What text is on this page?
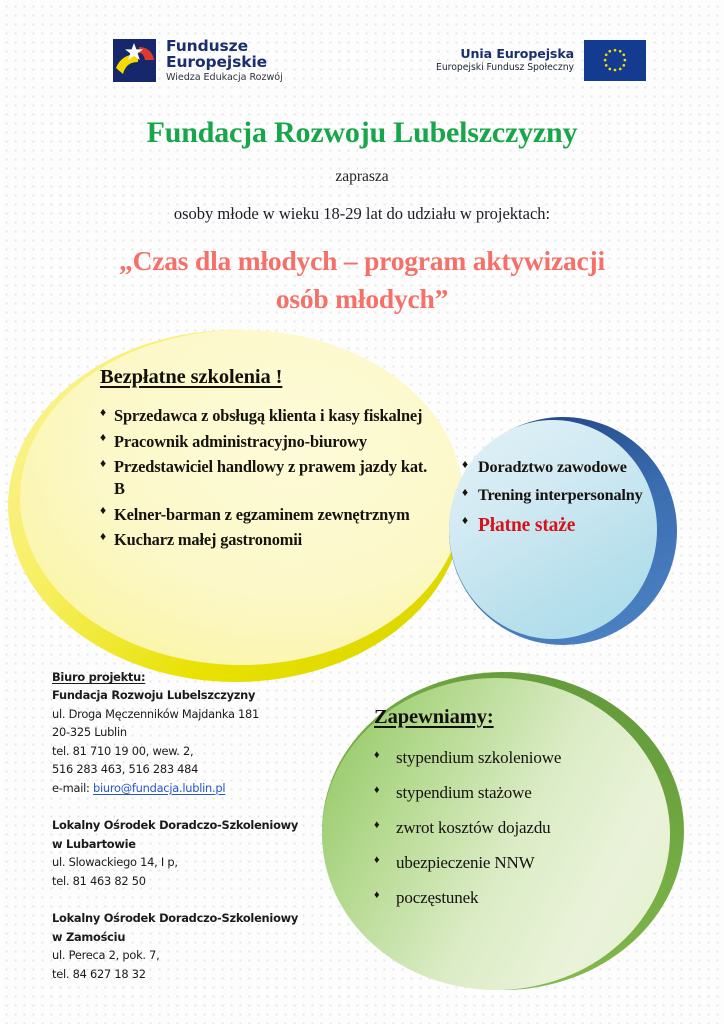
Fundusze
Europejskie
Wiedza Edukacja Rozwój
Unia Europejska
Europejski Fundusz Społeczny
Fundacja Rozwoju Lubelszczyzny
zaprasza
osoby młode w wieku 18-29 lat do udziału w projektach:
„Czas dla młodych – program aktywizacji
osób młodych”
Bezpłatne szkolenia !
♦ Sprzedawca z obsługą klienta i kasy fiskalnej
♦ Pracownik administracyjno-biurowy
♦ Przedstawiciel handlowy z prawem jazdy kat. B
♦ Kelner-barman z egzaminem zewnętrznym
♦ Kucharz małej gastronomii
♦ Doradztwo zawodowe
♦ Trening interpersonalny
♦ Płatne staże
Zapewniamy:
♦ stypendium szkoleniowe
♦ stypendium stażowe
♦ zwrot kosztów dojazdu
♦ ubezpieczenie NNW
♦ poczęstunek
Biuro projektu:
Fundacja Rozwoju Lubelszczyzny
ul. Droga Męczenników Majdanka 181
20-325 Lublin
tel. 81 710 19 00, wew. 2,
516 283 463, 516 283 484
e-mail: biuro@fundacja.lublin.pl
Lokalny Ośrodek Doradczo-Szkoleniowy
w Lubartowie
ul. Slowackiego 14, I p,
tel. 81 463 82 50
Lokalny Ośrodek Doradczo-Szkoleniowy
w Zamościu
ul. Pereca 2, pok. 7,
tel. 84 627 18 32
